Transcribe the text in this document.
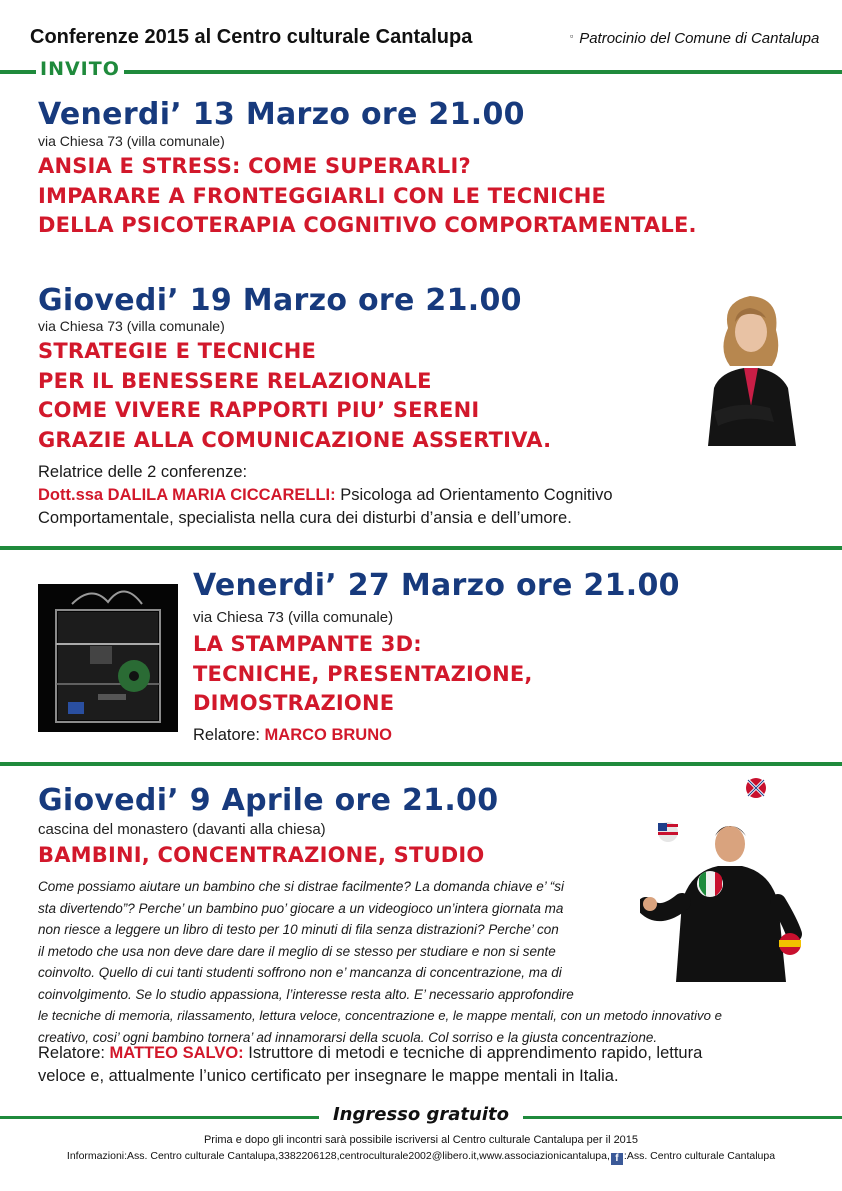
Conferenze 2015 al Centro culturale Cantalupa	▫ Patrocinio del Comune di Cantalupa
INVITO
Venerdi’ 13 Marzo ore 21.00
via Chiesa 73 (villa comunale)
ANSIA E STRESS: COME SUPERARLI?
IMPARARE A FRONTEGGIARLI CON LE TECNICHE
DELLA PSICOTERAPIA COGNITIVO COMPORTAMENTALE.
Giovedi’ 19 Marzo ore 21.00
via Chiesa 73 (villa comunale)
STRATEGIE E TECNICHE
PER IL BENESSERE RELAZIONALE
COME VIVERE RAPPORTI PIU’ SERENI
GRAZIE ALLA COMUNICAZIONE ASSERTIVA.
Relatrice delle 2 conferenze:
Dott.ssa DALILA MARIA CICCARELLI: Psicologa ad Orientamento Cognitivo
Comportamentale, specialista nella cura dei disturbi d’ansia e dell’umore.
Venerdi’ 27 Marzo ore 21.00
via Chiesa 73 (villa comunale)
LA STAMPANTE 3D:
TECNICHE, PRESENTAZIONE,
DIMOSTRAZIONE
Relatore: MARCO BRUNO
Giovedi’ 9 Aprile ore 21.00
cascina del monastero (davanti alla chiesa)
BAMBINI, CONCENTRAZIONE, STUDIO
Come possiamo aiutare un bambino che si distrae facilmente? La domanda chiave e’ “si
sta divertendo”? Perche’ un bambino puo’ giocare a un videogioco un’intera giornata ma
non riesce a leggere un libro di testo per 10 minuti di fila senza distrazioni? Perche’ con
il metodo che usa non deve dare dare il meglio di se stesso per studiare e non si sente
coinvolto. Quello di cui tanti studenti soffrono non e’ mancanza di concentrazione, ma di
coinvolgimento. Se lo studio appassiona, l’interesse resta alto. E’ necessario approfondire
le tecniche di memoria, rilassamento, lettura veloce, concentrazione e, le mappe mentali, con un metodo innovativo e
creativo, cosi’ ogni bambino tornera’ ad innamorarsi della scuola. Col sorriso e la giusta concentrazione.
Relatore: MATTEO SALVO: Istruttore di metodi e tecniche di apprendimento rapido, lettura
veloce e, attualmente l’unico certificato per insegnare le mappe mentali in Italia.
Ingresso gratuito
Prima e dopo gli incontri sarà possibile iscriversi al Centro culturale Cantalupa per il 2015
Informazioni:Ass. Centro culturale Cantalupa,3382206128,centroculturale2002@libero.it,www.associazionicantalupa, f :Ass. Centro culturale Cantalupa
